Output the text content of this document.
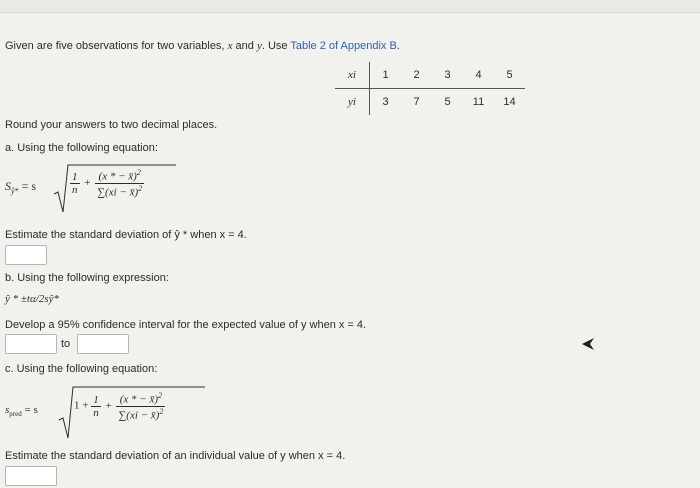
Given are five observations for two variables, x and y. Use Table 2 of Appendix B.
xi	1	2	3	4	5
yi	3	7	5	11	14
Round your answers to two decimal places.
a. Using the following equation:
$S_{ŷ*} = s$	$\frac{1}{n} + \frac{(x * - x̄)^2}{\sum(xi - x̄)^2}$
Estimate the standard deviation of ŷ * when x = 4.
b. Using the following expression:
ŷ * ±tα/2sŷ*
Develop a 95% confidence interval for the expected value of y when x = 4.
to
c. Using the following equation:
$s_{pred} = s$	$1 + \frac{1}{n} + \frac{(x * - x̄)^2}{\sum(xi - x̄)^2}$
Estimate the standard deviation of an individual value of y when x = 4.
